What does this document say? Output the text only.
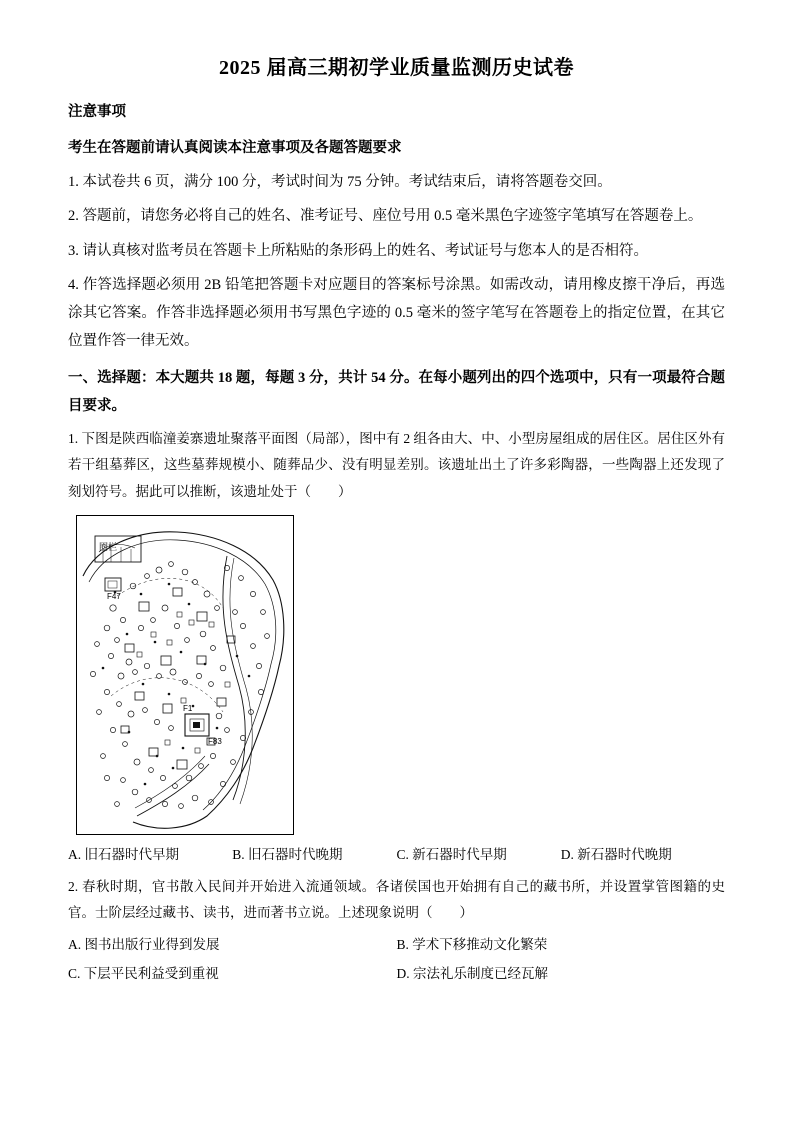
2025 届高三期初学业质量监测历史试卷
注意事项
考生在答题前请认真阅读本注意事项及各题答题要求
1. 本试卷共 6 页，满分 100 分，考试时间为 75 分钟。考试结束后，请将答题卷交回。
2. 答题前，请您务必将自己的姓名、准考证号、座位号用 0.5 毫米黑色字迹签字笔填写在答题卷上。
3. 请认真核对监考员在答题卡上所粘贴的条形码上的姓名、考试证号与您本人的是否相符。
4. 作答选择题必须用 2B 铅笔把答题卡对应题目的答案标号涂黑。如需改动，请用橡皮擦干净后，再选涂其它答案。作答非选择题必须用书写黑色字迹的 0.5 毫米的签字笔写在答题卷上的指定位置，在其它位置作答一律无效。
一、选择题：本大题共 18 题，每题 3 分，共计 54 分。在每小题列出的四个选项中，只有一项最符合题目要求。
1. 下图是陕西临潼姜寨遗址聚落平面图（局部），图中有 2 组各由大、中、小型房屋组成的居住区。居住区外有若干组墓葬区，这些墓葬规模小、随葬品少、没有明显差别。该遗址出土了许多彩陶器，一些陶器上还发现了刻划符号。据此可以推断，该遗址处于（　　）
圈栏
F47
F1
F83
A. 旧石器时代早期	B. 旧石器时代晚期	C. 新石器时代早期	D. 新石器时代晚期
2. 春秋时期，官书散入民间并开始进入流通领域。各诸侯国也开始拥有自己的藏书所，并设置掌管图籍的史官。士阶层经过藏书、读书，进而著书立说。上述现象说明（　　）
A. 图书出版行业得到发展	B. 学术下移推动文化繁荣
C. 下层平民利益受到重视	D. 宗法礼乐制度已经瓦解
